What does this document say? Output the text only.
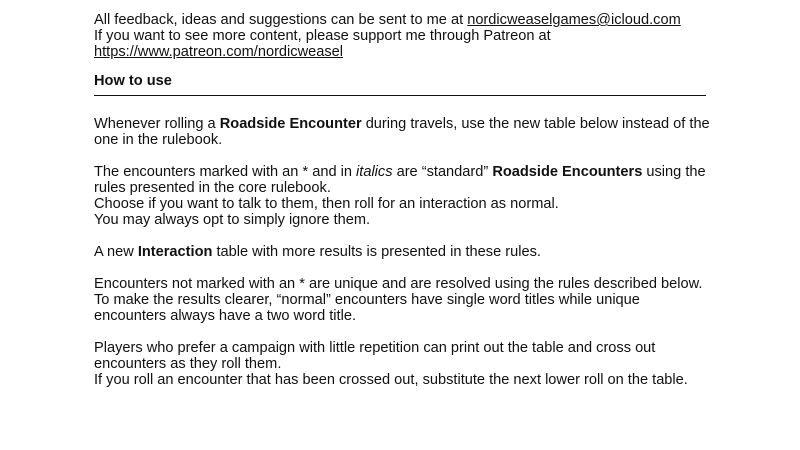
All feedback, ideas and suggestions can be sent to me at nordicweaselgames@icloud.com

If you want to see more content, please support me through Patreon at

https://www.patreon.com/nordicweasel

How to use

Whenever rolling a Roadside Encounter during travels, use the new table below instead of the

one in the rulebook.

The encounters marked with an * and in italics are “standard” Roadside Encounters using the

rules presented in the core rulebook.

Choose if you want to talk to them, then roll for an interaction as normal.

You may always opt to simply ignore them.

A new Interaction table with more results is presented in these rules.

Encounters not marked with an * are unique and are resolved using the rules described below.

To make the results clearer, “normal” encounters have single word titles while unique

encounters always have a two word title.

Players who prefer a campaign with little repetition can print out the table and cross out

encounters as they roll them.

If you roll an encounter that has been crossed out, substitute the next lower roll on the table.
